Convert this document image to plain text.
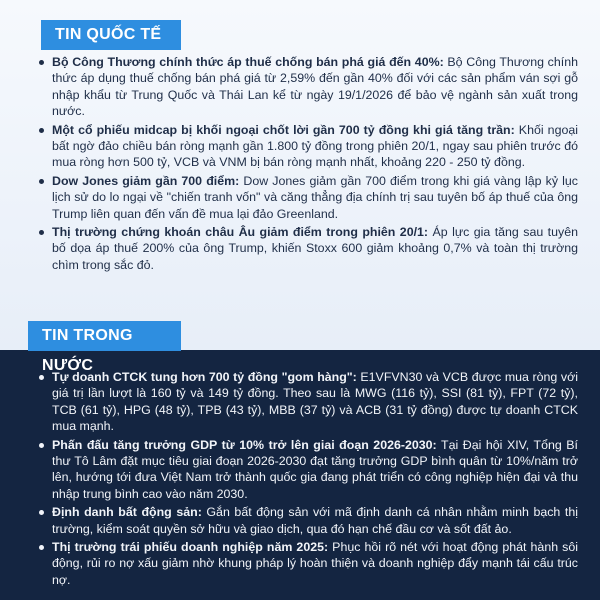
TIN QUỐC TẾ
Bộ Công Thương chính thức áp thuế chống bán phá giá đến 40%: Bộ Công Thương chính thức áp dụng thuế chống bán phá giá từ 2,59% đến gần 40% đối với các sản phẩm ván sợi gỗ nhập khẩu từ Trung Quốc và Thái Lan kể từ ngày 19/1/2026 để bảo vệ ngành sản xuất trong nước.
Một cổ phiếu midcap bị khối ngoại chốt lời gần 700 tỷ đồng khi giá tăng trần: Khối ngoại bất ngờ đảo chiều bán ròng mạnh gần 1.800 tỷ đồng trong phiên 20/1, ngay sau phiên trước đó mua ròng hơn 500 tỷ, VCB và VNM bị bán ròng mạnh nhất, khoảng 220 - 250 tỷ đồng.
Dow Jones giảm gần 700 điểm: Dow Jones giảm gần 700 điểm trong khi giá vàng lập kỷ lục lịch sử do lo ngại về "chiến tranh vốn" và căng thẳng địa chính trị sau tuyên bố áp thuế của ông Trump liên quan đến vấn đề mua lại đảo Greenland.
Thị trường chứng khoán châu Âu giảm điểm trong phiên 20/1: Áp lực gia tăng sau tuyên bố dọa áp thuế 200% của ông Trump, khiến Stoxx 600 giảm khoảng 0,7% và toàn thị trường chìm trong sắc đỏ.
TIN TRONG NƯỚC
Tự doanh CTCK tung hơn 700 tỷ đồng "gom hàng": E1VFVN30 và VCB được mua ròng với giá trị lần lượt là 160 tỷ và 149 tỷ đồng. Theo sau là MWG (116 tỷ), SSI (81 tỷ), FPT (72 tỷ), TCB (61 tỷ), HPG (48 tỷ), TPB (43 tỷ), MBB (37 tỷ) và ACB (31 tỷ đồng) được tự doanh CTCK mua mạnh.
Phấn đấu tăng trưởng GDP từ 10% trở lên giai đoạn 2026-2030: Tại Đại hội XIV, Tổng Bí thư Tô Lâm đặt mục tiêu giai đoạn 2026-2030 đạt tăng trưởng GDP bình quân từ 10%/năm trở lên, hướng tới đưa Việt Nam trở thành quốc gia đang phát triển có công nghiệp hiện đại và thu nhập trung bình cao vào năm 2030.
Định danh bất động sản: Gắn bất động sản với mã định danh cá nhân nhằm minh bạch thị trường, kiểm soát quyền sở hữu và giao dịch, qua đó hạn chế đầu cơ và sốt đất ảo.
Thị trường trái phiếu doanh nghiệp năm 2025: Phục hồi rõ nét với hoạt động phát hành sôi động, rủi ro nợ xấu giảm nhờ khung pháp lý hoàn thiện và doanh nghiệp đẩy mạnh tái cấu trúc nợ.
